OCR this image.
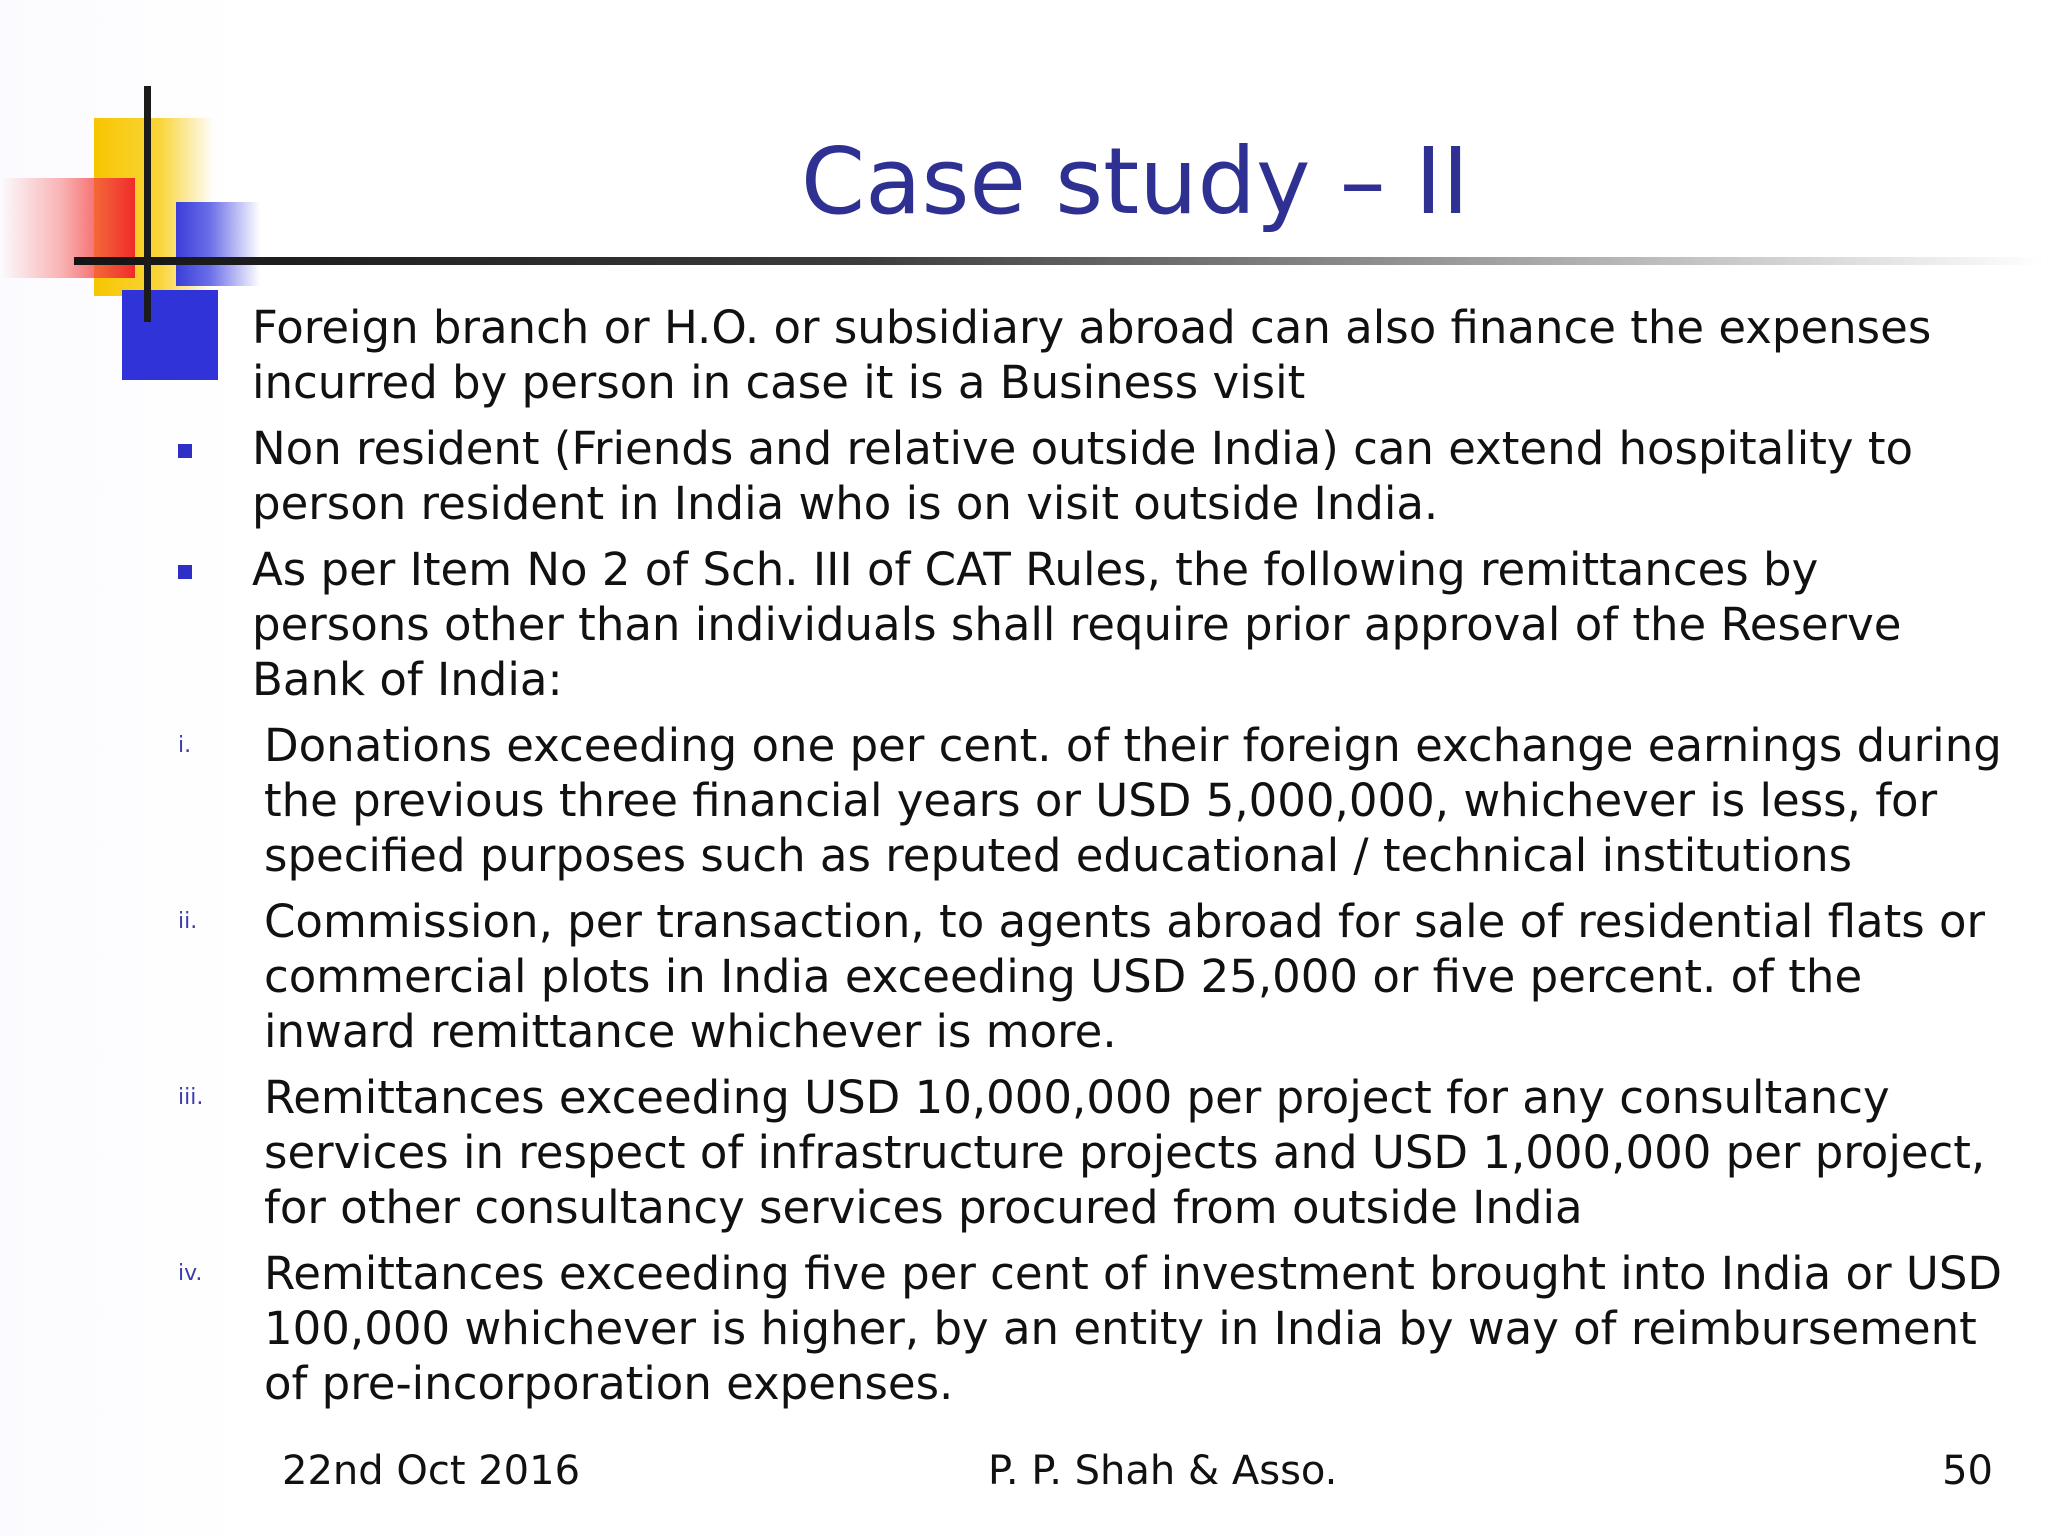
Case study – II
Foreign branch or H.O. or subsidiary abroad can also finance the expenses incurred by person in case it is a Business visit
Non resident (Friends and relative outside India) can extend hospitality to person resident in India who is on visit outside India.
As per Item No 2 of Sch. III of CAT Rules, the following remittances by persons other than individuals shall require prior approval of the Reserve Bank of India:
i.	Donations exceeding one per cent. of their foreign exchange earnings during the previous three financial years or USD 5,000,000, whichever is less, for specified purposes such as reputed educational / technical institutions
ii.	Commission, per transaction, to agents abroad for sale of residential flats or commercial plots in India exceeding USD 25,000 or five percent. of the inward remittance whichever is more.
iii.	Remittances exceeding USD 10,000,000 per project for any consultancy services in respect of infrastructure projects and USD 1,000,000 per project, for other consultancy services procured from outside India
iv.	Remittances exceeding five per cent of investment brought into India or USD 100,000 whichever is higher, by an entity in India by way of reimbursement of pre-incorporation expenses.
22nd Oct 2016	P. P. Shah & Asso.	50
